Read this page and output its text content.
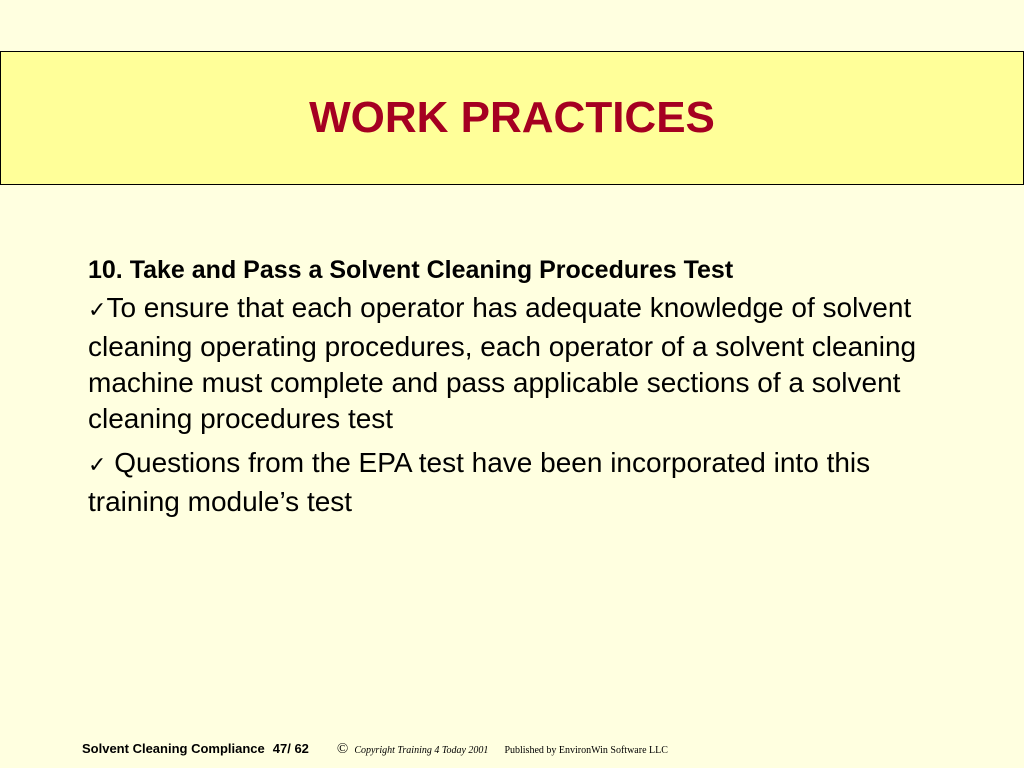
WORK PRACTICES
10. Take and Pass a Solvent Cleaning Procedures Test
✓To ensure that each operator has adequate knowledge of solvent cleaning operating procedures, each operator of a solvent cleaning machine must complete and pass applicable sections of a solvent cleaning procedures test
✓ Questions from the EPA test have been incorporated into this training module’s test
Solvent Cleaning Compliance 47/ 62 © Copyright Training 4 Today 2001 Published by EnvironWin Software LLC
